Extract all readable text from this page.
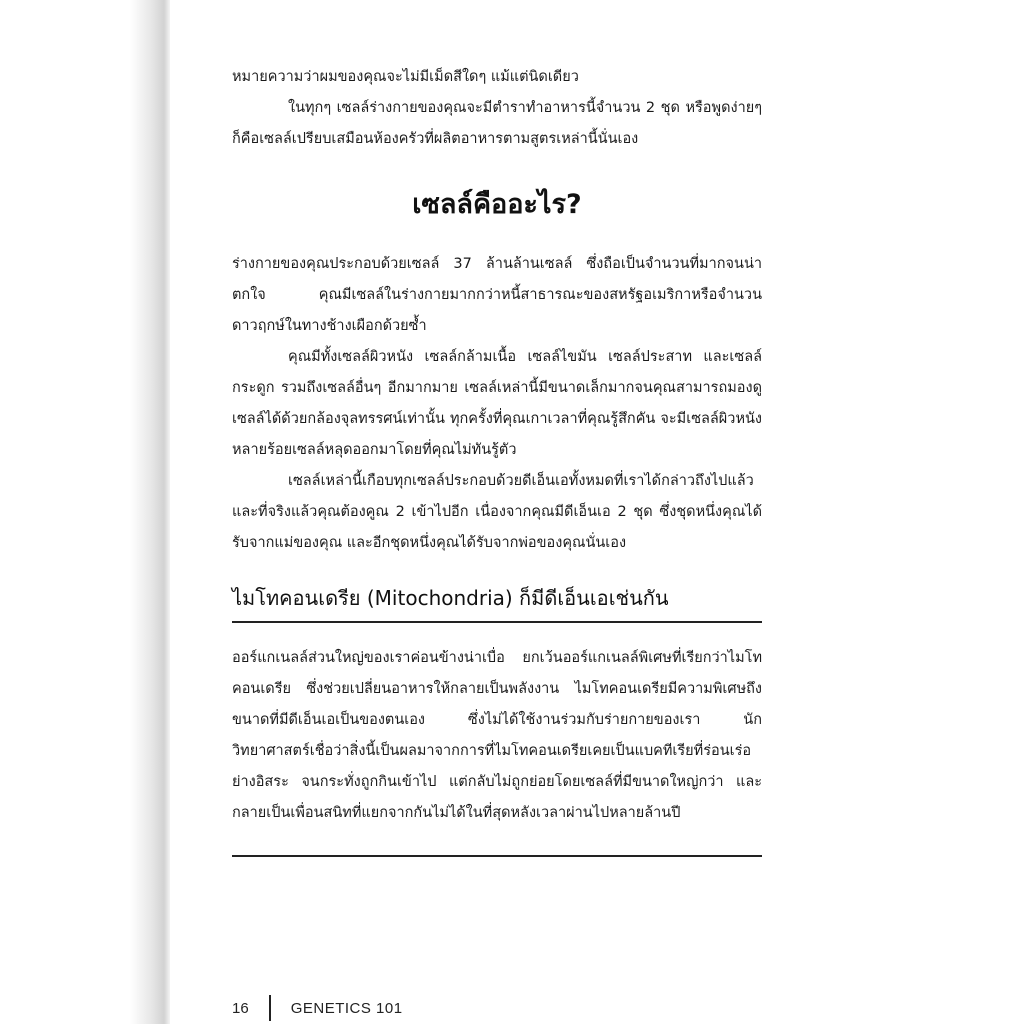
หมายความว่าผมของคุณจะไม่มีเม็ดสีใดๆ แม้แต่นิดเดียว

ในทุกๆ เซลล์ร่างกายของคุณจะมีตำราทำอาหารนี้จำนวน 2 ชุด หรือพูดง่ายๆ ก็คือเซลล์เปรียบเสมือนห้องครัวที่ผลิตอาหารตามสูตรเหล่านี้นั่นเอง

เซลล์คืออะไร?

ร่างกายของคุณประกอบด้วยเซลล์ 37 ล้านล้านเซลล์ ซึ่งถือเป็นจำนวนที่มากจนน่าตกใจ คุณมีเซลล์ในร่างกายมากกว่าหนี้สาธารณะของสหรัฐอเมริกาหรือจำนวนดาวฤกษ์ในทางช้างเผือกด้วยซ้ำ

คุณมีทั้งเซลล์ผิวหนัง เซลล์กล้ามเนื้อ เซลล์ไขมัน เซลล์ประสาท และเซลล์กระดูก รวมถึงเซลล์อื่นๆ อีกมากมาย เซลล์เหล่านี้มีขนาดเล็กมากจนคุณสามารถมองดูเซลล์ได้ด้วยกล้องจุลทรรศน์เท่านั้น ทุกครั้งที่คุณเกาเวลาที่คุณรู้สึกคัน จะมีเซลล์ผิวหนังหลายร้อยเซลล์หลุดออกมาโดยที่คุณไม่ทันรู้ตัว

เซลล์เหล่านี้เกือบทุกเซลล์ประกอบด้วยดีเอ็นเอทั้งหมดที่เราได้กล่าวถึงไปแล้ว และที่จริงแล้วคุณต้องคูณ 2 เข้าไปอีก เนื่องจากคุณมีดีเอ็นเอ 2 ชุด ซึ่งชุดหนึ่งคุณได้รับจากแม่ของคุณ และอีกชุดหนึ่งคุณได้รับจากพ่อของคุณนั่นเอง

ไมโทคอนเดรีย (Mitochondria) ก็มีดีเอ็นเอเช่นกัน

ออร์แกเนลล์ส่วนใหญ่ของเราค่อนข้างน่าเบื่อ ยกเว้นออร์แกเนลล์พิเศษที่เรียกว่าไมโทคอนเดรีย ซึ่งช่วยเปลี่ยนอาหารให้กลายเป็นพลังงาน ไมโทคอนเดรียมีความพิเศษถึงขนาดที่มีดีเอ็นเอเป็นของตนเอง ซึ่งไม่ได้ใช้งานร่วมกับร่ายกายของเรา นักวิทยาศาสตร์เชื่อว่าสิ่งนี้เป็นผลมาจากการที่ไมโทคอนเดรียเคยเป็นแบคทีเรียที่ร่อนเร่อย่างอิสระ จนกระทั่งถูกกินเข้าไป แต่กลับไม่ถูกย่อยโดยเซลล์ที่มีขนาดใหญ่กว่า และกลายเป็นเพื่อนสนิทที่แยกจากกันไม่ได้ในที่สุดหลังเวลาผ่านไปหลายล้านปี

16	GENETICS 101
